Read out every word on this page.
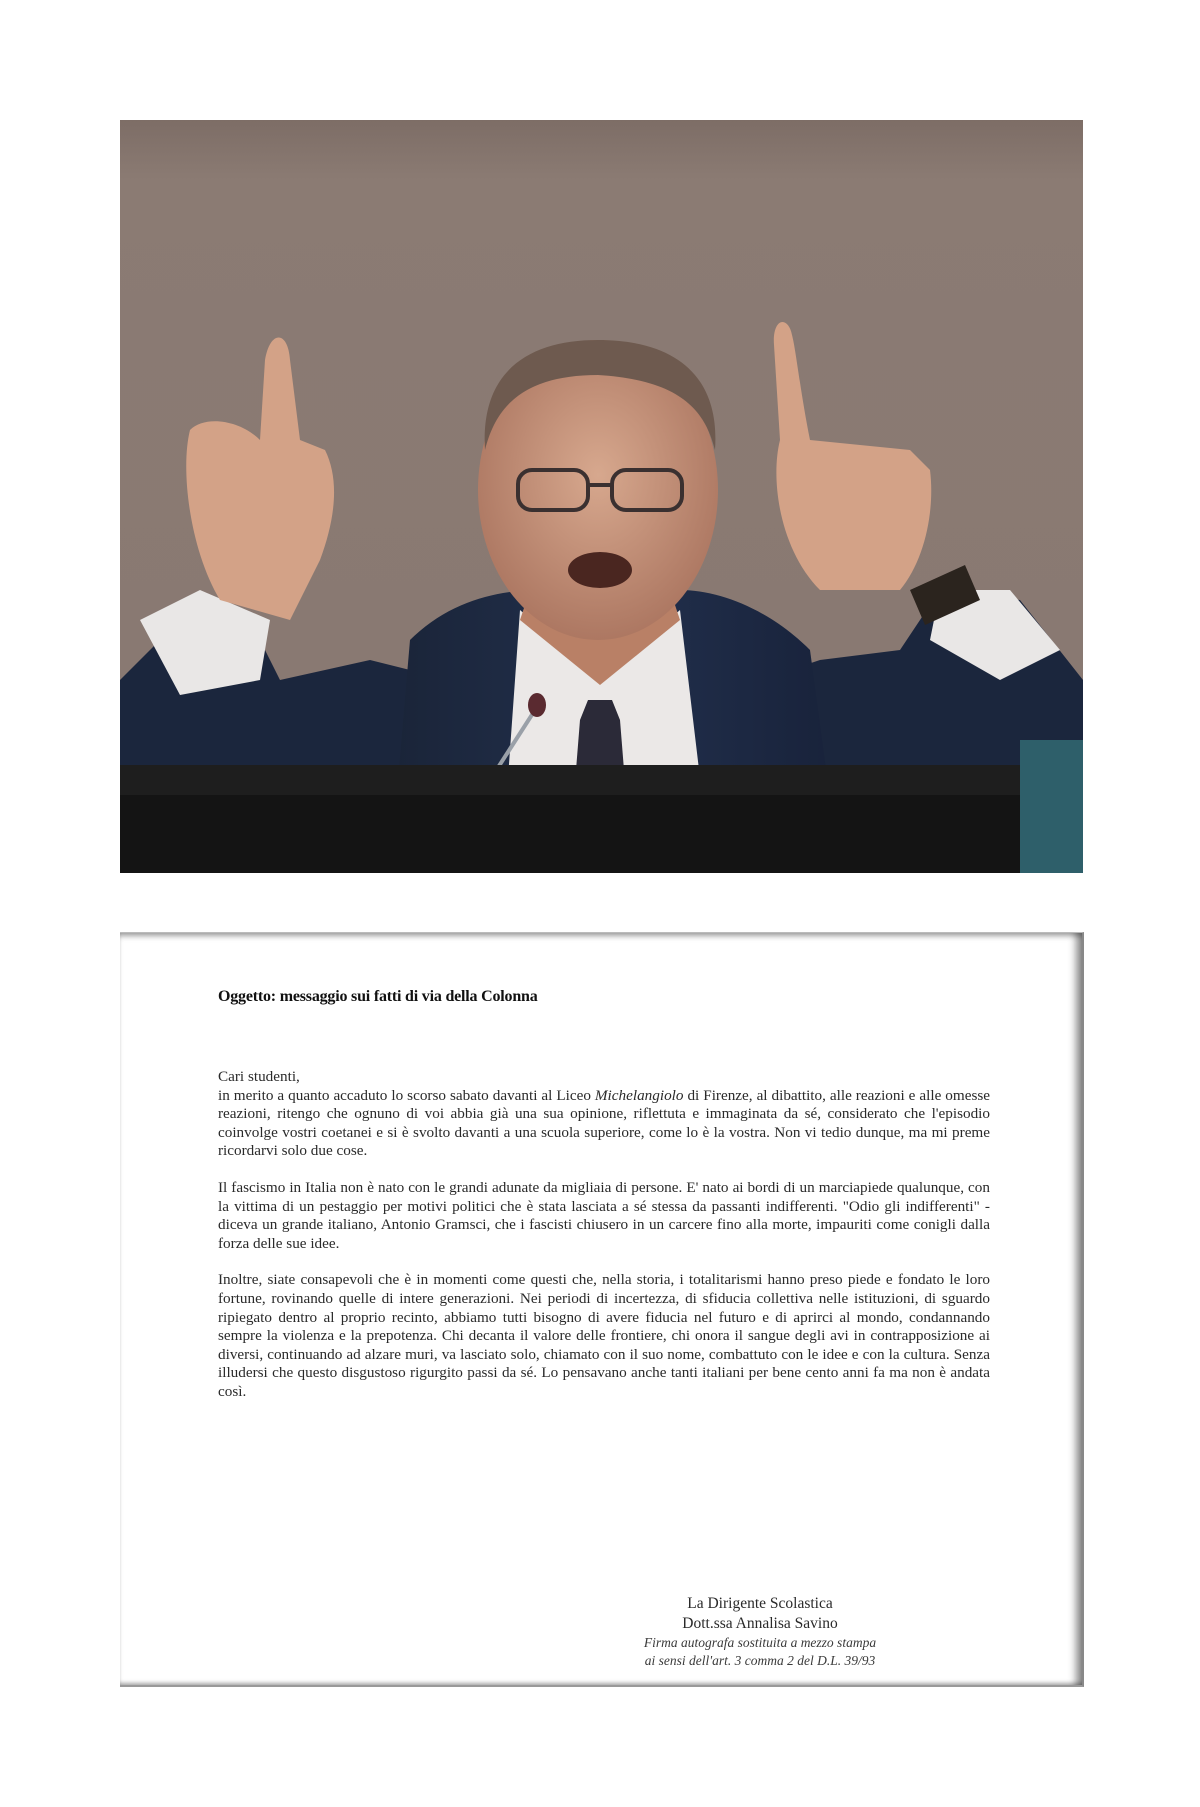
Oggetto: messaggio sui fatti di via della Colonna

Cari studenti,
in merito a quanto accaduto lo scorso sabato davanti al Liceo Michelangiolo di Firenze, al dibattito, alle reazioni e alle omesse reazioni, ritengo che ognuno di voi abbia già una sua opinione, riflettuta e immaginata da sé, considerato che l'episodio coinvolge vostri coetanei e si è svolto davanti a una scuola superiore, come lo è la vostra. Non vi tedio dunque, ma mi preme ricordarvi solo due cose.

Il fascismo in Italia non è nato con le grandi adunate da migliaia di persone. E' nato ai bordi di un marciapiede qualunque, con la vittima di un pestaggio per motivi politici che è stata lasciata a sé stessa da passanti indifferenti. "Odio gli indifferenti" - diceva un grande italiano, Antonio Gramsci, che i fascisti chiusero in un carcere fino alla morte, impauriti come conigli dalla forza delle sue idee.

Inoltre, siate consapevoli che è in momenti come questi che, nella storia, i totalitarismi hanno preso piede e fondato le loro fortune, rovinando quelle di intere generazioni. Nei periodi di incertezza, di sfiducia collettiva nelle istituzioni, di sguardo ripiegato dentro al proprio recinto, abbiamo tutti bisogno di avere fiducia nel futuro e di aprirci al mondo, condannando sempre la violenza e la prepotenza. Chi decanta il valore delle frontiere, chi onora il sangue degli avi in contrapposizione ai diversi, continuando ad alzare muri, va lasciato solo, chiamato con il suo nome, combattuto con le idee e con la cultura. Senza illudersi che questo disgustoso rigurgito passi da sé. Lo pensavano anche tanti italiani per bene cento anni fa ma non è andata così.

La Dirigente Scolastica
Dott.ssa Annalisa Savino
Firma autografa sostituita a mezzo stampa
ai sensi dell'art. 3 comma 2 del D.L. 39/93
